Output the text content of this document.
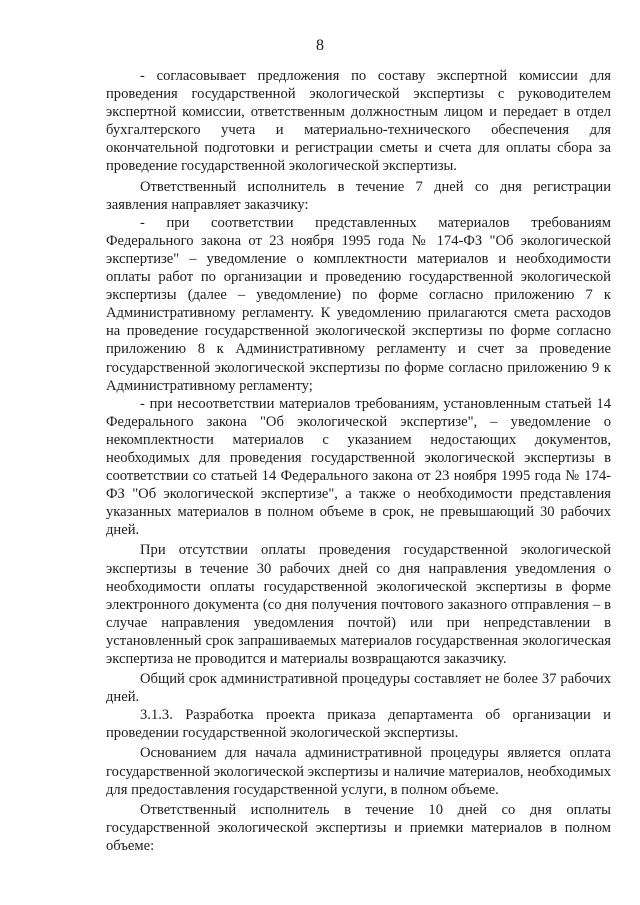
8

- согласовывает предложения по составу экспертной комиссии для проведения государственной экологической экспертизы с руководителем экспертной комиссии, ответственным должностным лицом и передает в отдел бухгалтерского учета и материально-технического обеспечения для окончательной подготовки и регистрации сметы и счета для оплаты сбора за проведение государственной экологической экспертизы.

Ответственный исполнитель в течение 7 дней со дня регистрации заявления направляет заказчику:

- при соответствии представленных материалов требованиям Федерального закона от 23 ноября 1995 года № 174-ФЗ "Об экологической экспертизе" – уведомление о комплектности материалов и необходимости оплаты работ по организации и проведению государственной экологической экспертизы (далее – уведомление) по форме согласно приложению 7 к Административному регламенту. К уведомлению прилагаются смета расходов на проведение государственной экологической экспертизы по форме согласно приложению 8 к Административному регламенту и счет за проведение государственной экологической экспертизы по форме согласно приложению 9 к Административному регламенту;

- при несоответствии материалов требованиям, установленным статьей 14 Федерального закона "Об экологической экспертизе", – уведомление о некомплектности материалов с указанием недостающих документов, необходимых для проведения государственной экологической экспертизы в соответствии со статьей 14 Федерального закона от 23 ноября 1995 года № 174-ФЗ "Об экологической экспертизе", а также о необходимости представления указанных материалов в полном объеме в срок, не превышающий 30 рабочих дней.

При отсутствии оплаты проведения государственной экологической экспертизы в течение 30 рабочих дней со дня направления уведомления о необходимости оплаты государственной экологической экспертизы в форме электронного документа (со дня получения почтового заказного отправления – в случае направления уведомления почтой) или при непредставлении в установленный срок запрашиваемых материалов государственная экологическая экспертиза не проводится и материалы возвращаются заказчику.

Общий срок административной процедуры составляет не более 37 рабочих дней.

3.1.3. Разработка проекта приказа департамента об организации и проведении государственной экологической экспертизы.

Основанием для начала административной процедуры является оплата государственной экологической экспертизы и наличие материалов, необходимых для предоставления государственной услуги, в полном объеме.

Ответственный исполнитель в течение 10 дней со дня оплаты государственной экологической экспертизы и приемки материалов в полном объеме:
